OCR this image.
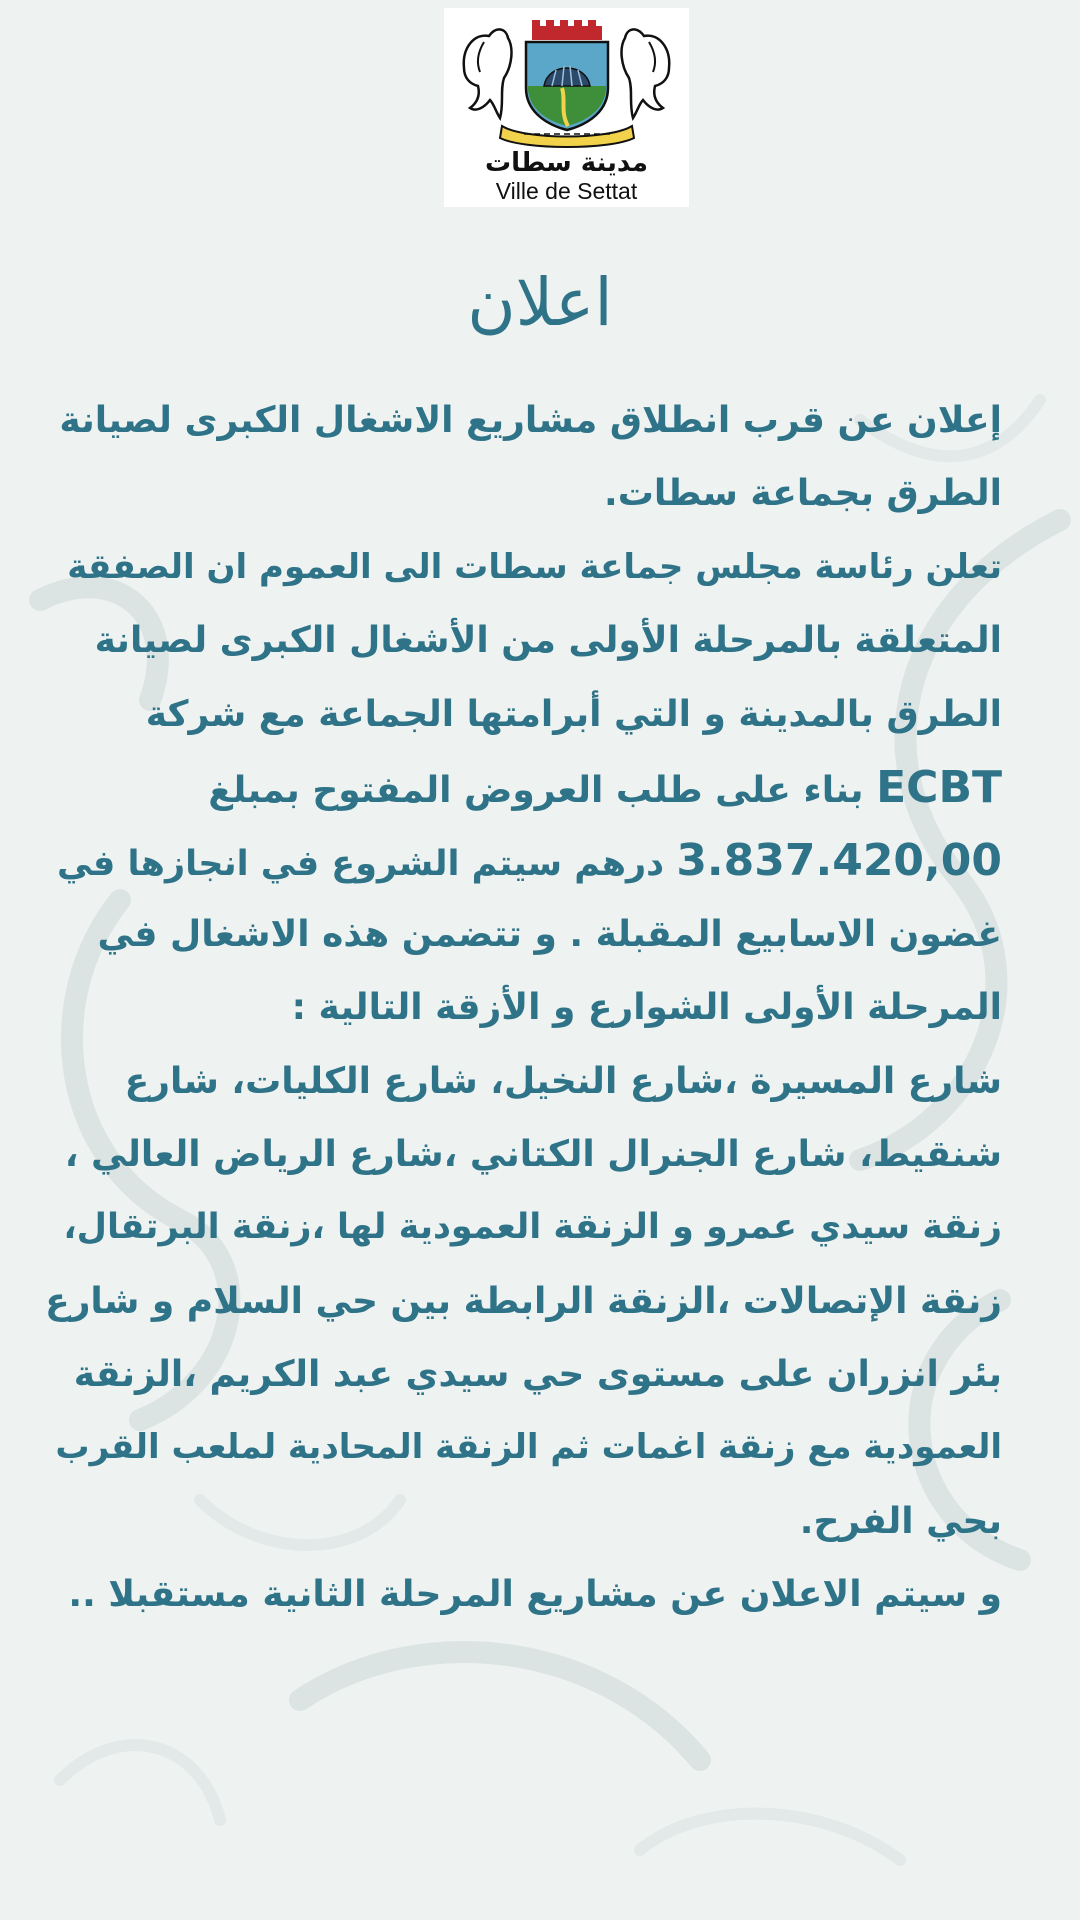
مدينة سطات
Ville de Settat
اعلان
إعلان عن قرب انطلاق مشاريع الاشغال الكبرى لصيانة
الطرق بجماعة سطات.
تعلن رئاسة مجلس جماعة سطات الى العموم ان الصفقة
المتعلقة بالمرحلة الأولى من الأشغال الكبرى لصيانة
الطرق بالمدينة و التي أبرامتها الجماعة مع شركة
ECBT بناء على طلب العروض المفتوح بمبلغ
3.837.420,00 درهم سيتم الشروع في انجازها في
غضون الاسابيع المقبلة . و تتضمن هذه الاشغال في
المرحلة الأولى الشوارع و الأزقة التالية :
شارع المسيرة ،شارع النخيل، شارع الكليات، شارع
شنقيط، شارع الجنرال الكتاني ،شارع الرياض العالي ،
زنقة سيدي عمرو و الزنقة العمودية لها ،زنقة البرتقال،
زنقة الإتصالات ،الزنقة الرابطة بين حي السلام و شارع
بئر انزران على مستوى حي سيدي عبد الكريم ،الزنقة
العمودية مع زنقة اغمات ثم الزنقة المحادية لملعب القرب
بحي الفرح.
و سيتم الاعلان عن مشاريع المرحلة الثانية مستقبلا ..
